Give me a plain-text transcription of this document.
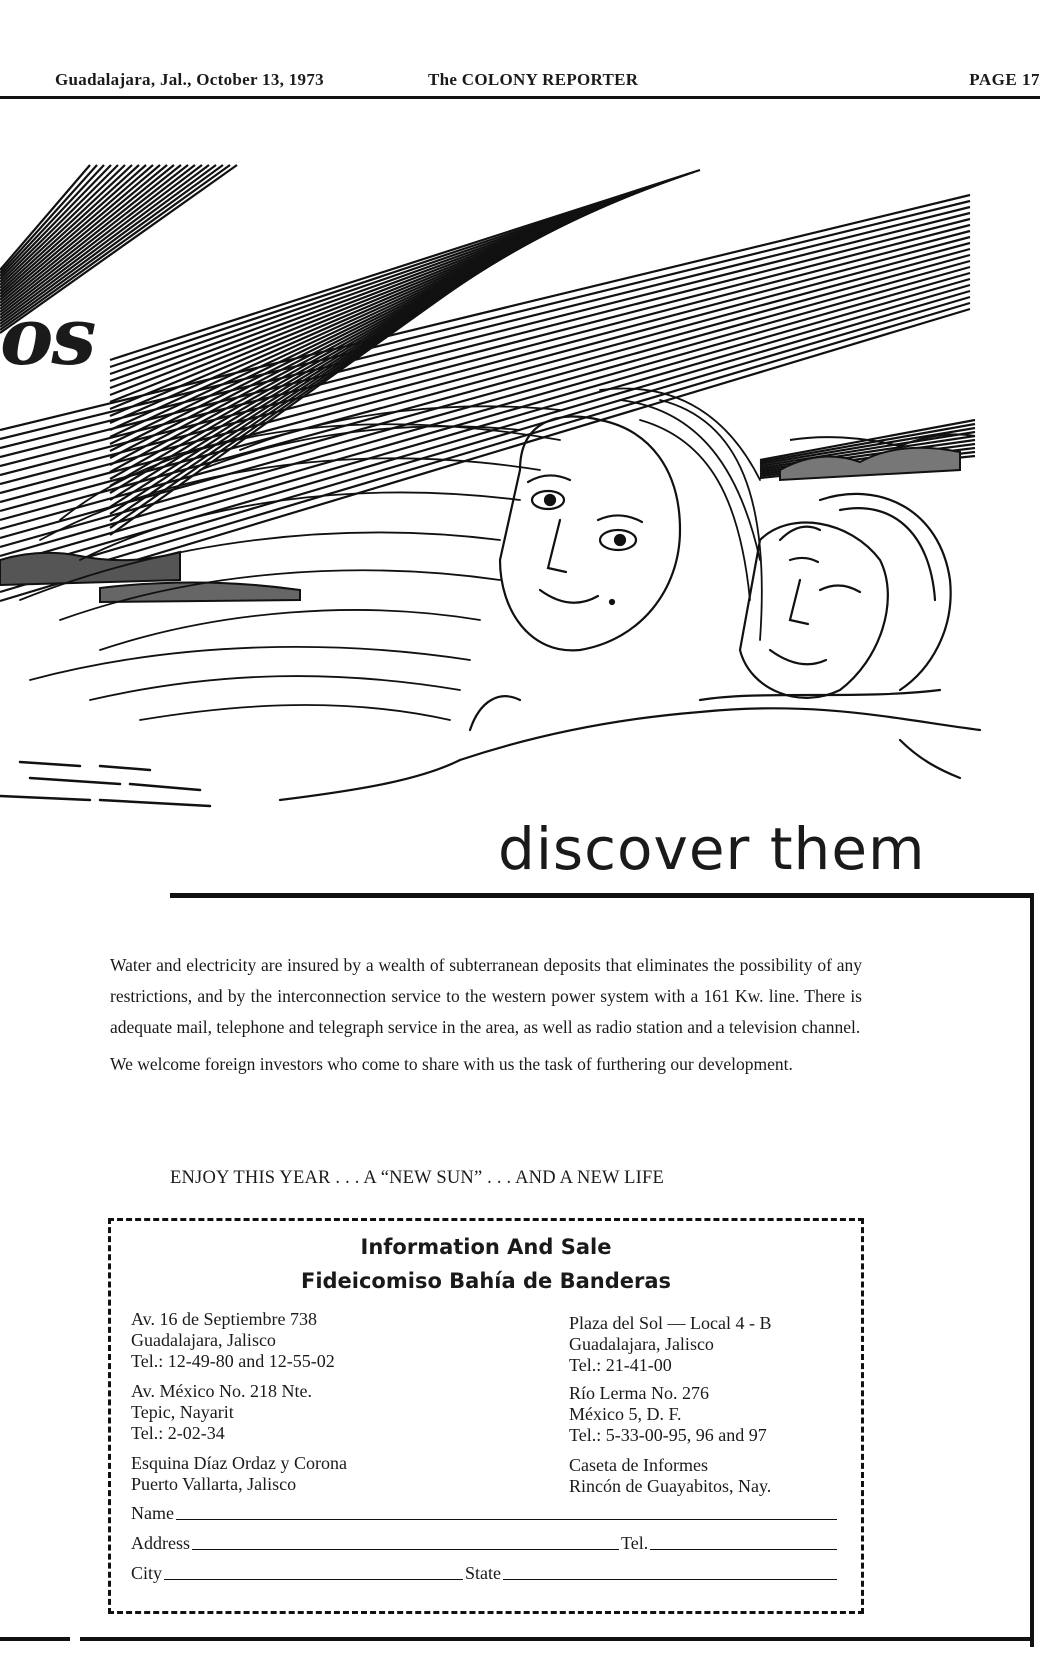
Guadalajara, Jal., October 13, 1973	The COLONY REPORTER	PAGE 17
os
discover them

Water and electricity are insured by a wealth of subterranean deposits that eliminates the possibility of any restrictions, and by the interconnection service to the western power system with a 161 Kw. line. There is adequate mail, telephone and telegraph service in the area, as well as radio station and a television channel.

We welcome foreign investors who come to share with us the task of furthering our development.

ENJOY THIS YEAR . . . A “NEW SUN” . . . AND A NEW LIFE
Information And Sale
Fideicomiso Bahía de Banderas
Av. 16 de Septiembre 738
Guadalajara, Jalisco
Tel.: 12-49-80 and 12-55-02
Av. México No. 218 Nte.
Tepic, Nayarit
Tel.: 2-02-34
Esquina Díaz Ordaz y Corona
Puerto Vallarta, Jalisco
Plaza del Sol — Local 4 - B
Guadalajara, Jalisco
Tel.: 21-41-00
Río Lerma No. 276
México 5, D. F.
Tel.: 5-33-00-95, 96 and 97
Caseta de Informes
Rincón de Guayabitos, Nay.
Name
Address	Tel.
City	State
